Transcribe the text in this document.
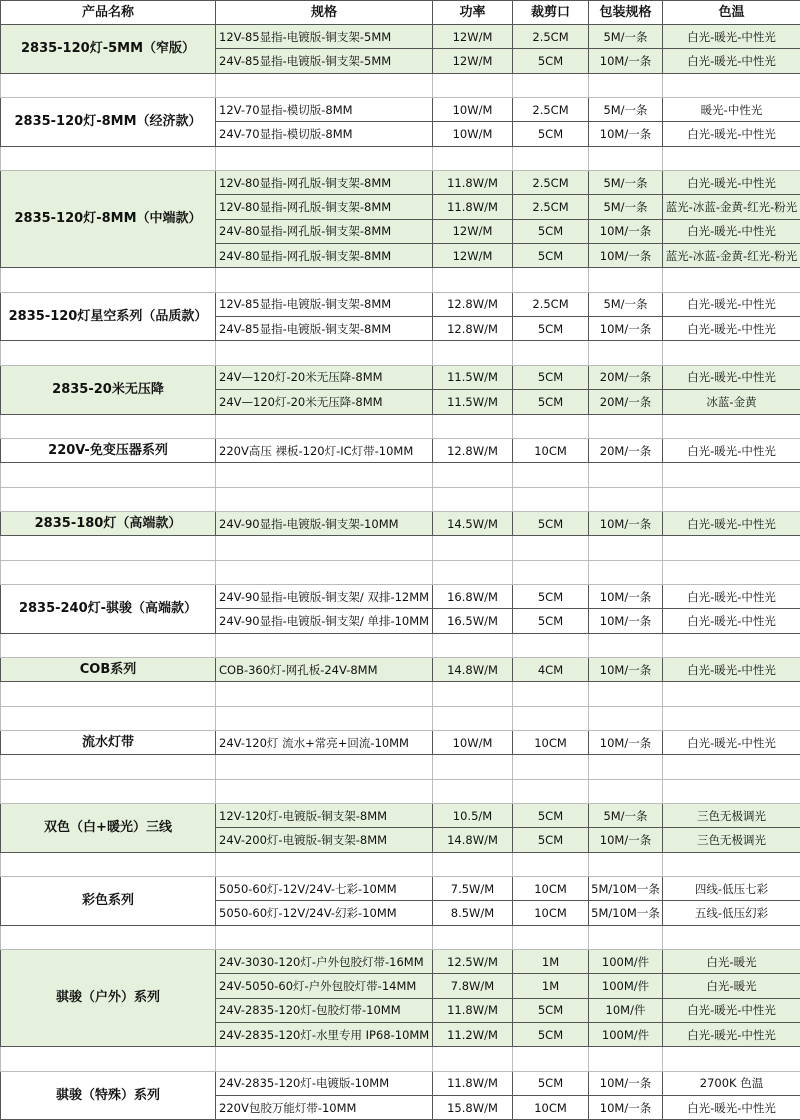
产品名称	规格	功率	裁剪口	包装规格	色温
2835-120灯-5MM（窄版）	12V-85显指-电镀版-铜支架-5MM	12W/M	2.5CM	5M/一条	白光-暖光-中性光
	24V-85显指-电镀版-铜支架-5MM	12W/M	5CM	10M/一条	白光-暖光-中性光

2835-120灯-8MM（经济款）	12V-70显指-模切版-8MM	10W/M	2.5CM	5M/一条	暖光-中性光
	24V-70显指-模切版-8MM	10W/M	5CM	10M/一条	白光-暖光-中性光

2835-120灯-8MM（中端款）	12V-80显指-网孔版-铜支架-8MM	11.8W/M	2.5CM	5M/一条	白光-暖光-中性光
	12V-80显指-网孔版-铜支架-8MM	11.8W/M	2.5CM	5M/一条	蓝光-冰蓝-金黄-红光-粉光
	24V-80显指-网孔版-铜支架-8MM	12W/M	5CM	10M/一条	白光-暖光-中性光
	24V-80显指-网孔版-铜支架-8MM	12W/M	5CM	10M/一条	蓝光-冰蓝-金黄-红光-粉光

2835-120灯星空系列（品质款）	12V-85显指-电镀版-铜支架-8MM	12.8W/M	2.5CM	5M/一条	白光-暖光-中性光
	24V-85显指-电镀版-铜支架-8MM	12.8W/M	5CM	10M/一条	白光-暖光-中性光

2835-20米无压降	24V—120灯-20米无压降-8MM	11.5W/M	5CM	20M/一条	白光-暖光-中性光
	24V—120灯-20米无压降-8MM	11.5W/M	5CM	20M/一条	冰蓝-金黄

220V-免变压器系列	220V高压 裸板-120灯-IC灯带-10MM	12.8W/M	10CM	20M/一条	白光-暖光-中性光

2835-180灯（高端款）	24V-90显指-电镀版-铜支架-10MM	14.5W/M	5CM	10M/一条	白光-暖光-中性光

2835-240灯-骐骏（高端款）	24V-90显指-电镀版-铜支架/ 双排-12MM	16.8W/M	5CM	10M/一条	白光-暖光-中性光
	24V-90显指-电镀版-铜支架/ 单排-10MM	16.5W/M	5CM	10M/一条	白光-暖光-中性光

COB系列	COB-360灯-网孔板-24V-8MM	14.8W/M	4CM	10M/一条	白光-暖光-中性光

流水灯带	24V-120灯 流水+常亮+回流-10MM	10W/M	10CM	10M/一条	白光-暖光-中性光

双色（白+暖光）三线	12V-120灯-电镀版-铜支架-8MM	10.5/M	5CM	5M/一条	三色无极调光
	24V-200灯-电镀版-铜支架-8MM	14.8W/M	5CM	10M/一条	三色无极调光

彩色系列	5050-60灯-12V/24V-七彩-10MM	7.5W/M	10CM	5M/10M一条	四线-低压七彩
	5050-60灯-12V/24V-幻彩-10MM	8.5W/M	10CM	5M/10M一条	五线-低压幻彩

骐骏（户外）系列	24V-3030-120灯-户外包胶灯带-16MM	12.5W/M	1M	100M/件	白光-暖光
	24V-5050-60灯-户外包胶灯带-14MM	7.8W/M	1M	100M/件	白光-暖光
	24V-2835-120灯-包胶灯带-10MM	11.8W/M	5CM	10M/件	白光-暖光-中性光
	24V-2835-120灯-水里专用 IP68-10MM	11.2W/M	5CM	100M/件	白光-暖光-中性光

骐骏（特殊）系列	24V-2835-120灯-电镀版-10MM	11.8W/M	5CM	10M/一条	2700K 色温
	220V包胶万能灯带-10MM	15.8W/M	10CM	10M/一条	白光-暖光-中性光
